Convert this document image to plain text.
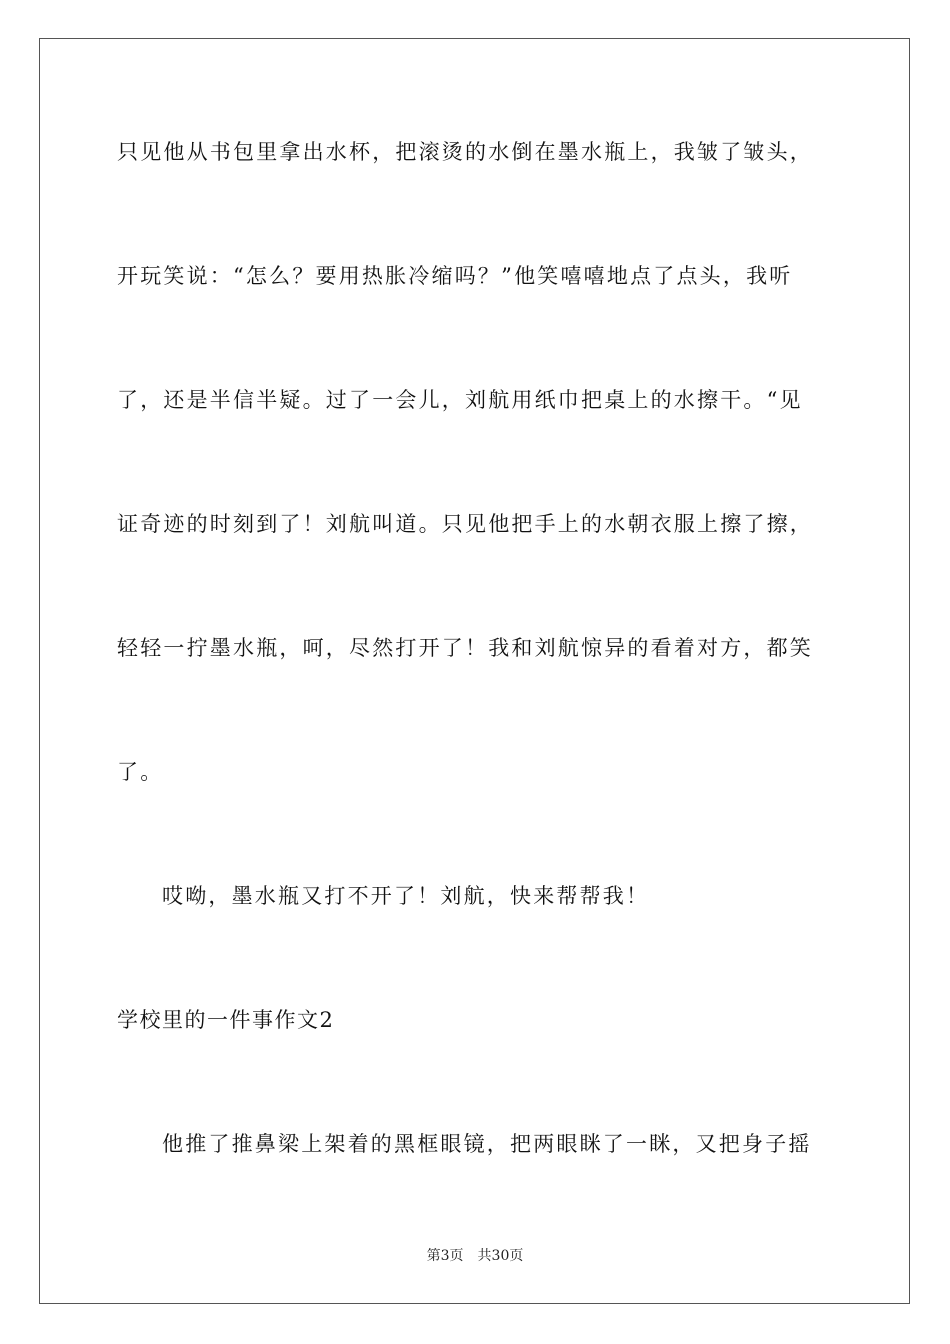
只见他从书包里拿出水杯，把滚烫的水倒在墨水瓶上，我皱了皱头，
开玩笑说：“怎么？要用热胀冷缩吗？”他笑嘻嘻地点了点头，我听
了，还是半信半疑。过了一会儿，刘航用纸巾把桌上的水擦干。“见
证奇迹的时刻到了！刘航叫道。只见他把手上的水朝衣服上擦了擦，
轻轻一拧墨水瓶，呵，尽然打开了！我和刘航惊异的看着对方，都笑
了。
哎呦，墨水瓶又打不开了！刘航，快来帮帮我！
学校里的一件事作文2
他推了推鼻梁上架着的黑框眼镜，把两眼眯了一眯，又把身子摇
第3页 共30页
